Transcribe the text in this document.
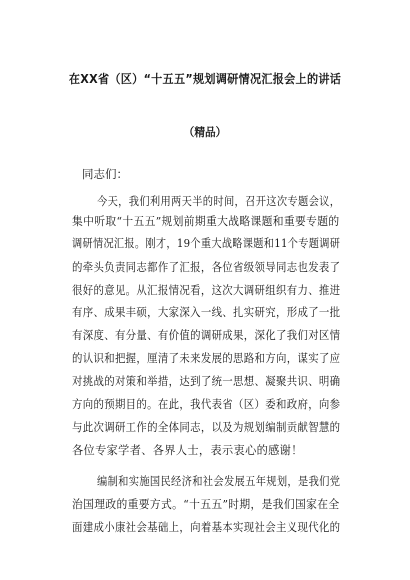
在XX省（区）“十五五”规划调研情况汇报会上的讲话
（精品）
同志们：
今天，我们利用两天半的时间，召开这次专题会议，
集中听取“十五五”规划前期重大战略课题和重要专题的
调研情况汇报。刚才，19个重大战略课题和11个专题调研
的牵头负责同志都作了汇报，各位省级领导同志也发表了
很好的意见。从汇报情况看，这次大调研组织有力、推进
有序、成果丰硕，大家深入一线、扎实研究，形成了一批
有深度、有分量、有价值的调研成果，深化了我们对区情
的认识和把握，厘清了未来发展的思路和方向，谋实了应
对挑战的对策和举措，达到了统一思想、凝聚共识、明确
方向的预期目的。在此，我代表省（区）委和政府，向参
与此次调研工作的全体同志，以及为规划编制贡献智慧的
各位专家学者、各界人士，表示衷心的感谢！
编制和实施国民经济和社会发展五年规划，是我们党
治国理政的重要方式。“十五五”时期，是我们国家在全
面建成小康社会基础上，向着基本实现社会主义现代化的
